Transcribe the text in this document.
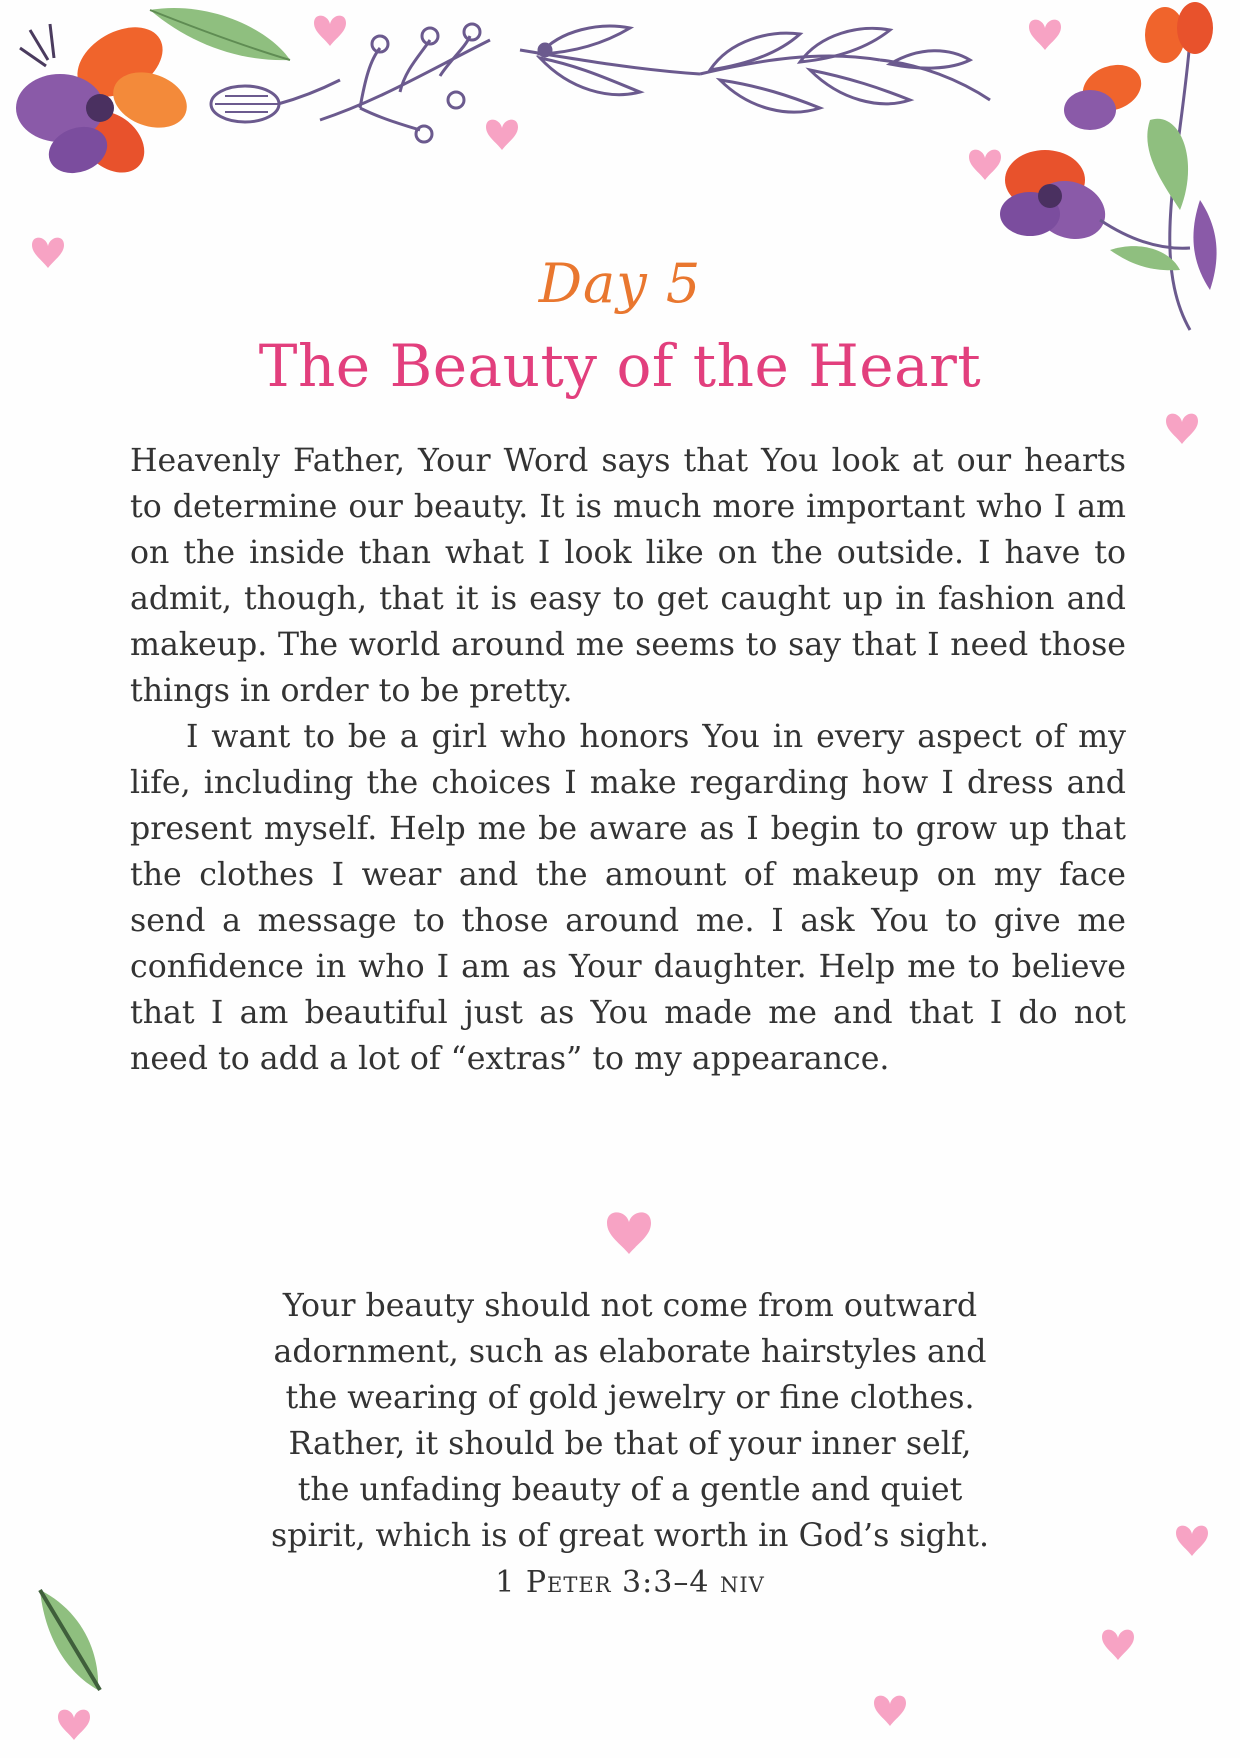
Day 5
The Beauty of the Heart

Heavenly Father, Your Word says that You look at our hearts to determine our beauty. It is much more important who I am on the inside than what I look like on the outside. I have to admit, though, that it is easy to get caught up in fashion and makeup. The world around me seems to say that I need those things in order to be pretty.

I want to be a girl who honors You in every aspect of my life, including the choices I make regarding how I dress and present myself. Help me be aware as I begin to grow up that the clothes I wear and the amount of makeup on my face send a message to those around me. I ask You to give me confidence in who I am as Your daughter. Help me to believe that I am beautiful just as You made me and that I do not need to add a lot of “extras” to my appearance.

Your beauty should not come from outward
adornment, such as elaborate hairstyles and
the wearing of gold jewelry or fine clothes.
Rather, it should be that of your inner self,
the unfading beauty of a gentle and quiet
spirit, which is of great worth in God’s sight.
1 Peter 3:3–4 niv
